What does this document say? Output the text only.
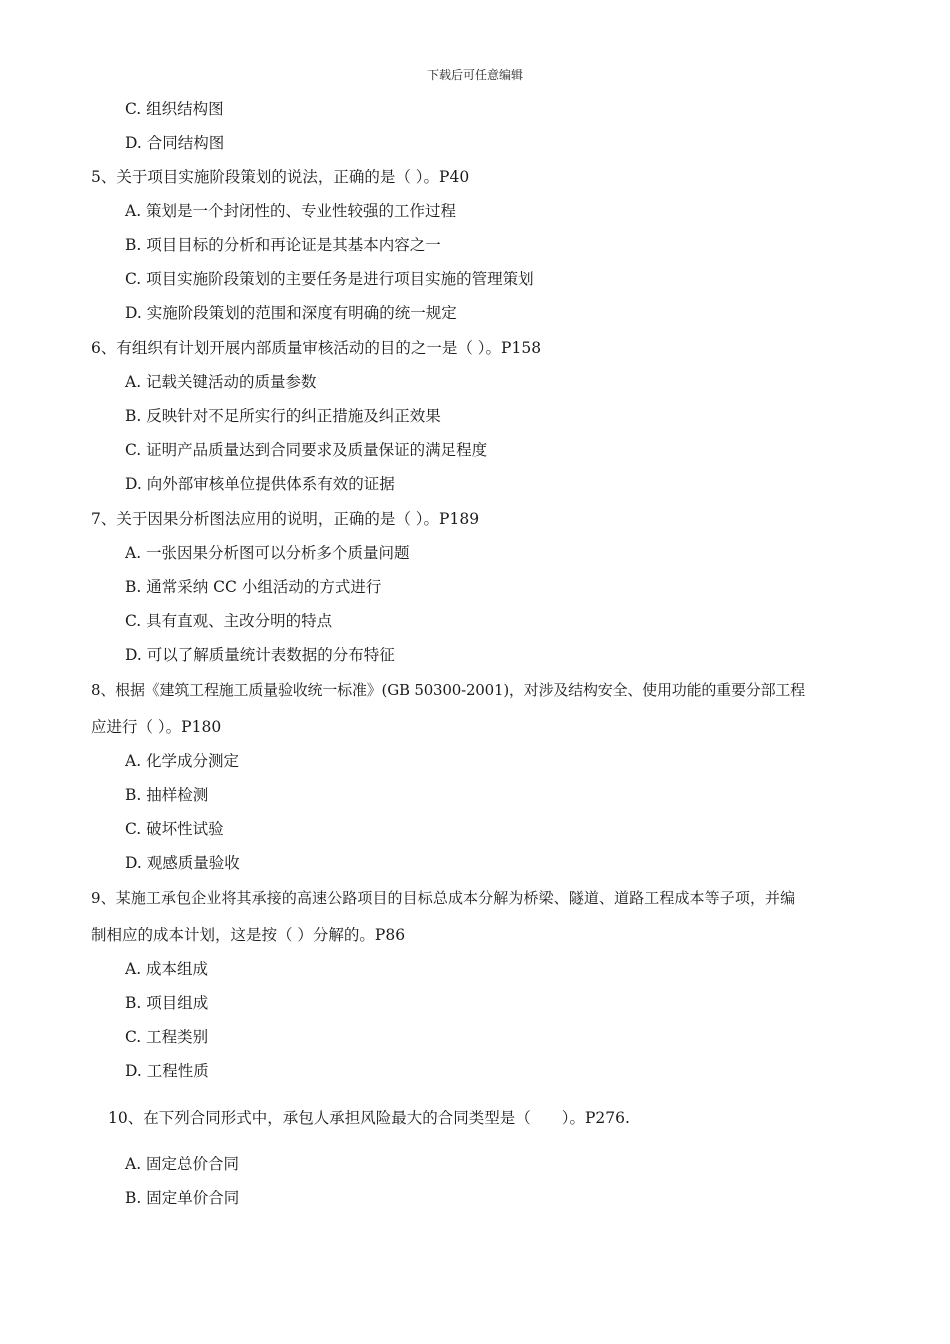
下载后可任意编辑
C. 组织结构图
D. 合同结构图
5、关于项目实施阶段策划的说法，正确的是（ ）。P40
A. 策划是一个封闭性的、专业性较强的工作过程
B. 项目目标的分析和再论证是其基本内容之一
C. 项目实施阶段策划的主要任务是进行项目实施的管理策划
D. 实施阶段策划的范围和深度有明确的统一规定
6、有组织有计划开展内部质量审核活动的目的之一是（ ）。P158
A. 记载关键活动的质量参数
B. 反映针对不足所实行的纠正措施及纠正效果
C. 证明产品质量达到合同要求及质量保证的满足程度
D. 向外部审核单位提供体系有效的证据
7、关于因果分析图法应用的说明，正确的是（ ）。P189
A. 一张因果分析图可以分析多个质量问题
B. 通常采纳 CC 小组活动的方式进行
C. 具有直观、主改分明的特点
D. 可以了解质量统计表数据的分布特征
8、根据《建筑工程施工质量验收统一标准》(GB 50300-2001)，对涉及结构安全、使用功能的重要分部工程
应进行（ ）。P180
A. 化学成分测定
B. 抽样检测
C. 破坏性试验
D. 观感质量验收
9、某施工承包企业将其承接的高速公路项目的目标总成本分解为桥梁、隧道、道路工程成本等子项，并编
制相应的成本计划，这是按（ ）分解的。P86
A. 成本组成
B. 项目组成
C. 工程类别
D. 工程性质
10、在下列合同形式中，承包人承担风险最大的合同类型是（　　）。P276.
A. 固定总价合同
B. 固定单价合同
